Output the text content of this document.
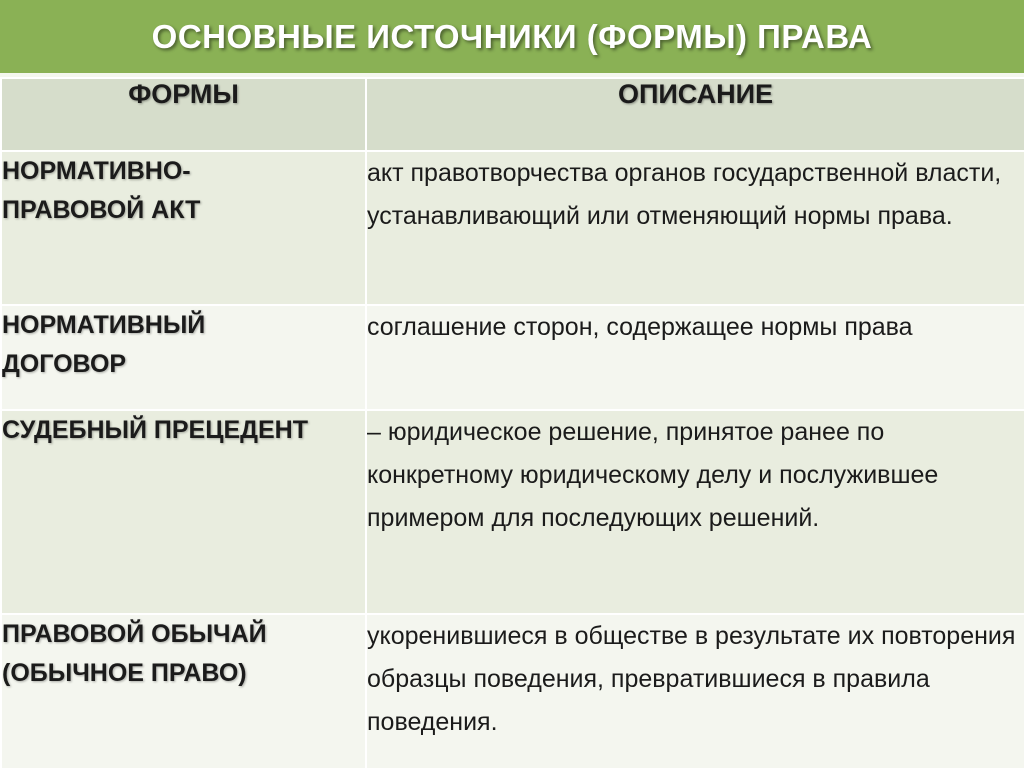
ОСНОВНЫЕ ИСТОЧНИКИ (ФОРМЫ) ПРАВА
ФОРМЫ	ОПИСАНИЕ
НОРМАТИВНО-ПРАВОВОЙ АКТ	акт правотворчества органов государственной власти, устанавливающий или отменяющий нормы права.
НОРМАТИВНЫЙ ДОГОВОР	соглашение сторон, содержащее нормы права
СУДЕБНЫЙ ПРЕЦЕДЕНТ	– юридическое решение, принятое ранее по конкретному юридическому делу и послужившее примером для последующих решений.
ПРАВОВОЙ ОБЫЧАЙ (ОБЫЧНОЕ ПРАВО)	укоренившиеся в обществе в результате их повторения образцы поведения, превратившиеся в правила поведения.
